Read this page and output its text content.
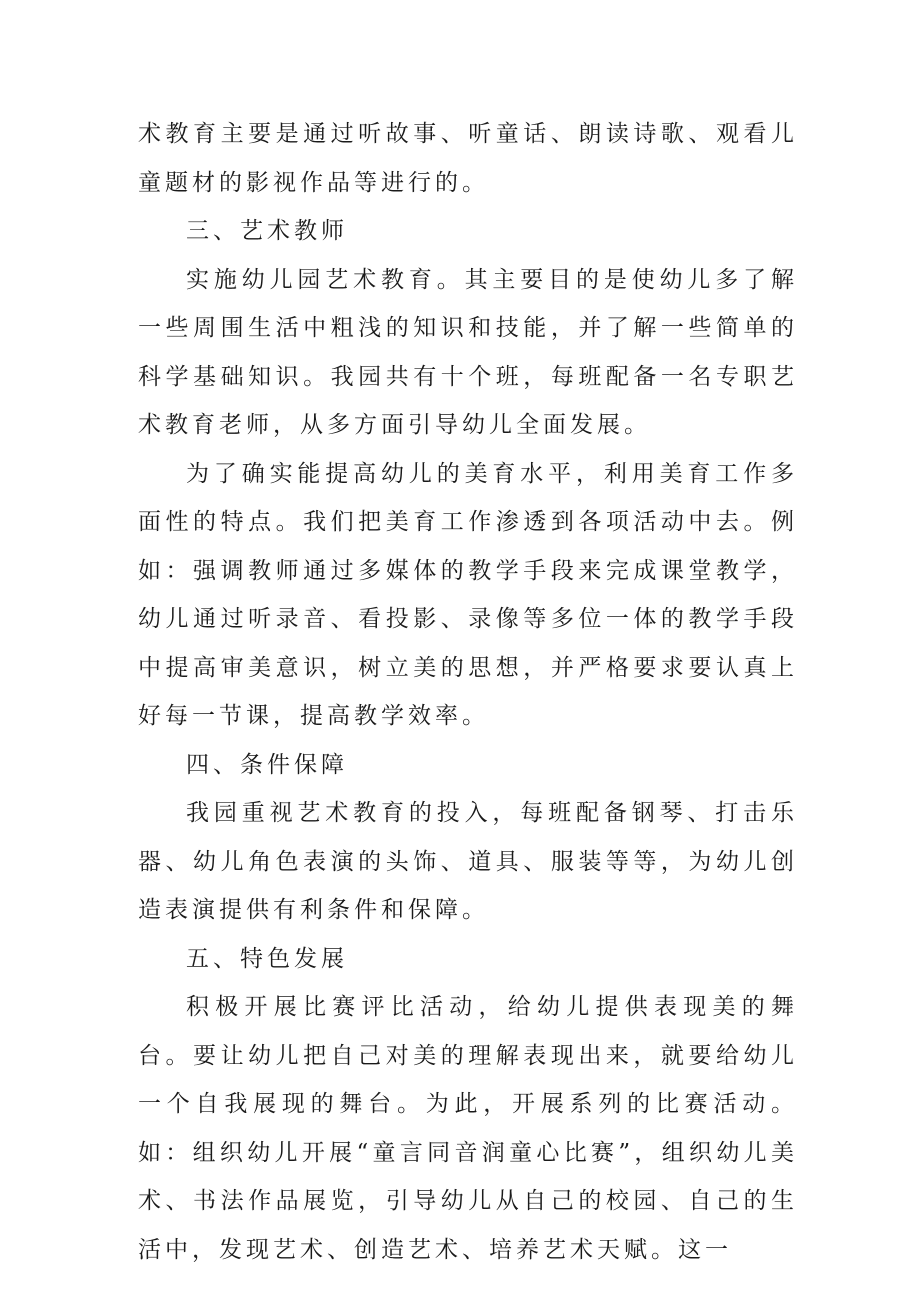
术教育主要是通过听故事、听童话、朗读诗歌、观看儿童题材的影视作品等进行的。

三、艺术教师

实施幼儿园艺术教育。其主要目的是使幼儿多了解一些周围生活中粗浅的知识和技能，并了解一些简单的科学基础知识。我园共有十个班，每班配备一名专职艺术教育老师，从多方面引导幼儿全面发展。

为了确实能提高幼儿的美育水平，利用美育工作多面性的特点。我们把美育工作渗透到各项活动中去。例如：强调教师通过多媒体的教学手段来完成课堂教学，幼儿通过听录音、看投影、录像等多位一体的教学手段中提高审美意识，树立美的思想，并严格要求要认真上好每一节课，提高教学效率。

四、条件保障

我园重视艺术教育的投入，每班配备钢琴、打击乐器、幼儿角色表演的头饰、道具、服装等等，为幼儿创造表演提供有利条件和保障。

五、特色发展

积极开展比赛评比活动，给幼儿提供表现美的舞台。要让幼儿把自己对美的理解表现出来，就要给幼儿一个自我展现的舞台。为此，开展系列的比赛活动。如：组织幼儿开展“童言同音润童心比赛”，组织幼儿美术、书法作品展览，引导幼儿从自己的校园、自己的生活中，发现艺术、创造艺术、培养艺术天赋。这一
